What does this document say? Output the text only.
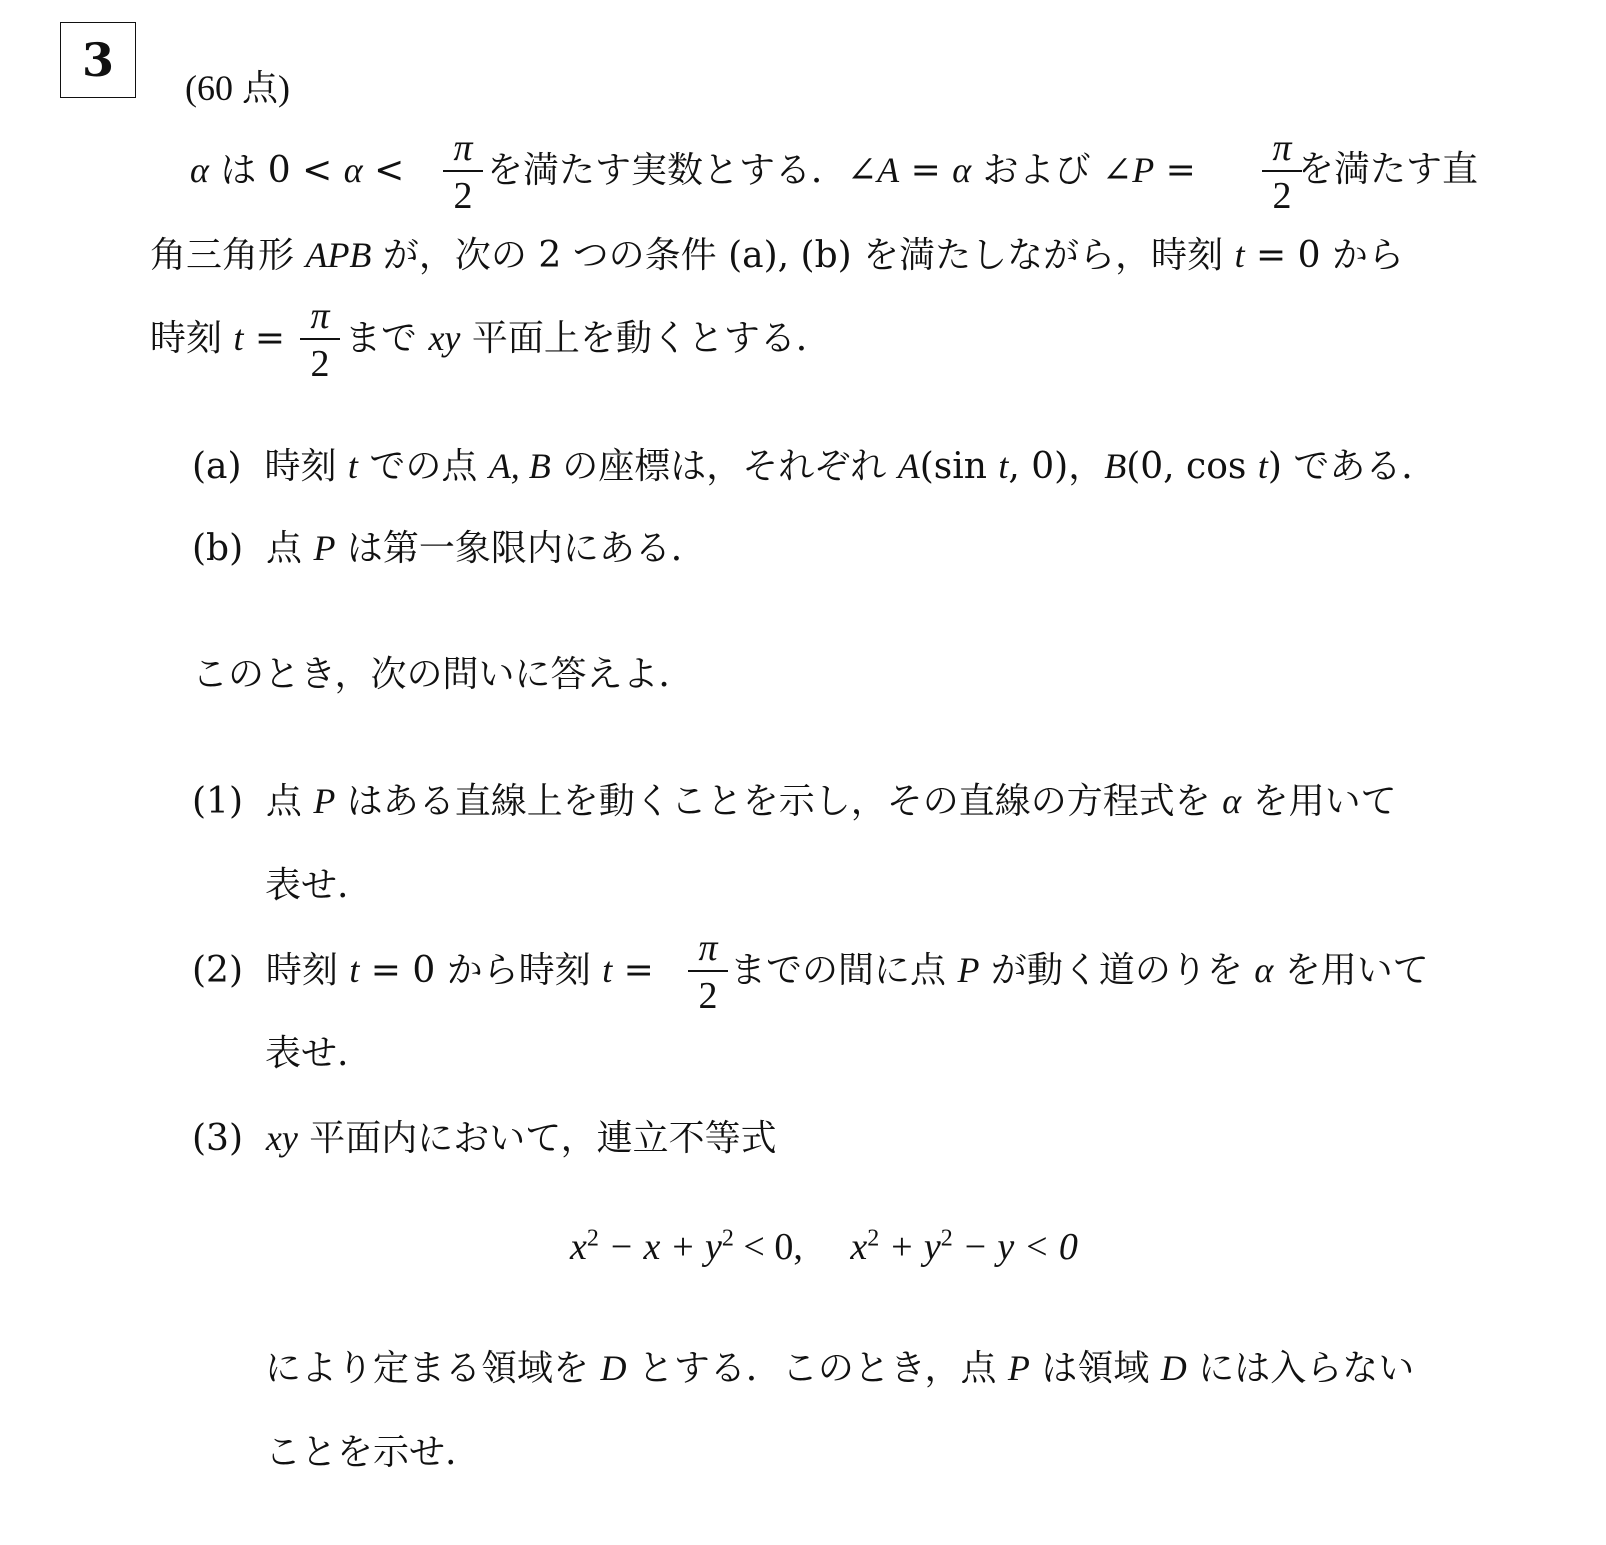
3
(60 点)
α は 0 < α <
π
2
を満たす実数とする．∠A = α および ∠P =
π
2
を満たす直
角三角形 APB が，次の 2 つの条件 (a), (b) を満たしながら，時刻 t = 0 から
時刻 t =
π
2
まで xy 平面上を動くとする．
(a) 時刻 t での点 A, B の座標は，それぞれ A(sin t, 0)，B(0, cos t) である．
(b) 点 P は第一象限内にある．
このとき，次の問いに答えよ．
(1) 点 P はある直線上を動くことを示し，その直線の方程式を α を用いて
表せ.
(2) 時刻 t = 0 から時刻 t =
π
2
までの間に点 P が動く道のりを α を用いて
表せ.
(3) xy 平面内において，連立不等式
$x^2 - x + y^2 < 0$, $x^2 + y^2 - y < 0$
により定まる領域を D とする．このとき，点 P は領域 D には入らない
ことを示せ.
